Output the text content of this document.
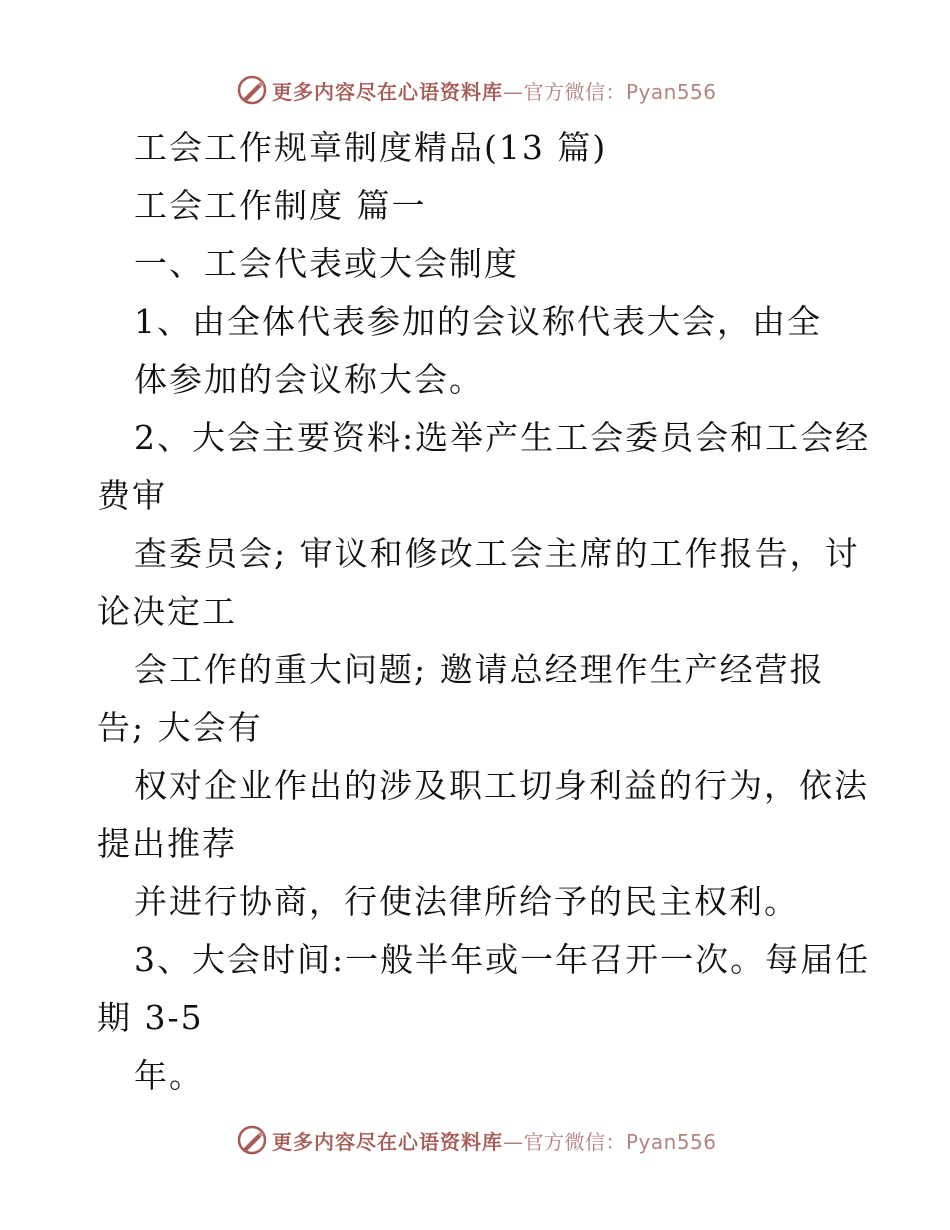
更多内容尽在心语资料库—官方微信：Pyan556
工会工作规章制度精品(13 篇)
工会工作制度 篇一
一、工会代表或大会制度
1、由全体代表参加的会议称代表大会，由全
体参加的会议称大会。
2、大会主要资料:选举产生工会委员会和工会经
费审
查委员会; 审议和修改工会主席的工作报告，讨
论决定工
会工作的重大问题; 邀请总经理作生产经营报
告; 大会有
权对企业作出的涉及职工切身利益的行为，依法
提出推荐
并进行协商，行使法律所给予的民主权利。
3、大会时间:一般半年或一年召开一次。每届任
期 3-5
年。
更多内容尽在心语资料库—官方微信：Pyan556
